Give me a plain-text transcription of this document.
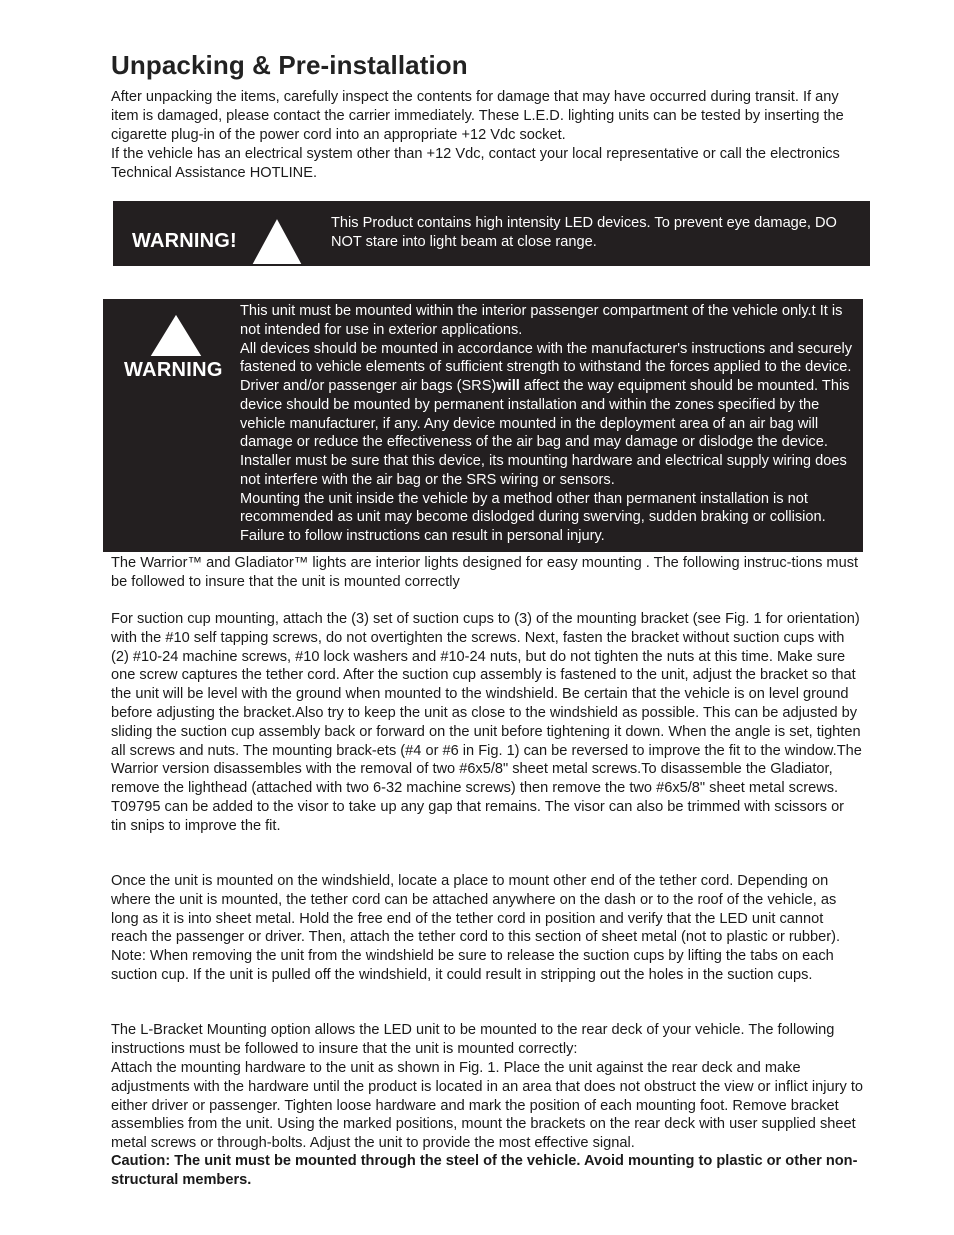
Unpacking & Pre-installation

After unpacking the items, carefully inspect the contents for damage that may have occurred during transit. If any item is damaged, please contact the carrier immediately. These L.E.D. lighting units can be tested by inserting the cigarette plug-in of the power cord into an appropriate +12 Vdc socket.

If the vehicle has an electrical system other than +12 Vdc, contact your local representative or call the electronics Technical Assistance HOTLINE.

WARNING!

This Product contains high intensity LED devices. To prevent eye damage, DO NOT stare into light beam at close range.

WARNING
This unit must be mounted within the interior passenger compartment of the vehicle only.t It is not intended for use in exterior applications.
All devices should be mounted in accordance with the manufacturer's instructions and securely fastened to vehicle elements of sufficient strength to withstand the forces applied to the device. Driver and/or passenger air bags (SRS)will affect the way equipment should be mounted. This device should be mounted by permanent installation and within the zones specified by the vehicle manufacturer, if any. Any device mounted in the deployment area of an air bag will damage or reduce the effectiveness of the air bag and may damage or dislodge the device. Installer must be sure that this device, its mounting hardware and electrical supply wiring does not interfere with the air bag or the SRS wiring or sensors.
Mounting the unit inside the vehicle by a method other than permanent installation is not recommended as unit may become dislodged during swerving, sudden braking or collision. Failure to follow instructions can result in personal injury.

The Warrior™ and Gladiator™ lights are interior lights designed for easy mounting . The following instruc-tions must be followed to insure that the unit is mounted correctly

For suction cup mounting, attach the (3) set of suction cups to (3) of the mounting bracket (see Fig. 1 for orientation) with the #10 self tapping screws, do not overtighten the screws. Next, fasten the bracket without suction cups with (2) #10-24 machine screws, #10 lock washers and #10-24 nuts, but do not tighten the nuts at this time. Make sure one screw captures the tether cord. After the suction cup assembly is fastened to the unit, adjust the bracket so that the unit will be level with the ground when mounted to the windshield. Be certain that the vehicle is on level ground before adjusting the bracket.Also try to keep the unit as close to the windshield as possible. This can be adjusted by sliding the suction cup assembly back or forward on the unit before tightening it down. When the angle is set, tighten all screws and nuts. The mounting brack-ets (#4 or #6 in Fig. 1) can be reversed to improve the fit to the window.The Warrior version disassembles with the removal of two #6x5/8" sheet metal screws.To disassemble the Gladiator, remove the lighthead (attached with two 6-32 machine screws) then remove the two #6x5/8" sheet metal screws. T09795 can be added to the visor to take up any gap that remains. The visor can also be trimmed with scissors or tin snips to improve the fit.

Once the unit is mounted on the windshield, locate a place to mount other end of the tether cord. Depending on where the unit is mounted, the tether cord can be attached anywhere on the dash or to the roof of the vehicle, as long as it is into sheet metal. Hold the free end of the tether cord in position and verify that the LED unit cannot reach the passenger or driver. Then, attach the tether cord to this section of sheet metal (not to plastic or rubber). Note: When removing the unit from the windshield be sure to release the suction cups by lifting the tabs on each suction cup. If the unit is pulled off the windshield, it could result in stripping out the holes in the suction cups.

The L-Bracket Mounting option allows the LED unit to be mounted to the rear deck of your vehicle. The following instructions must be followed to insure that the unit is mounted correctly:

Attach the mounting hardware to the unit as shown in Fig. 1. Place the unit against the rear deck and make adjustments with the hardware until the product is located in an area that does not obstruct the view or inflict injury to either driver or passenger. Tighten loose hardware and mark the position of each mounting foot. Remove bracket assemblies from the unit. Using the marked positions, mount the brackets on the rear deck with user supplied sheet metal screws or through-bolts. Adjust the unit to provide the most effective signal.

Caution: The unit must be mounted through the steel of the vehicle. Avoid mounting to plastic or other non-structural members.
